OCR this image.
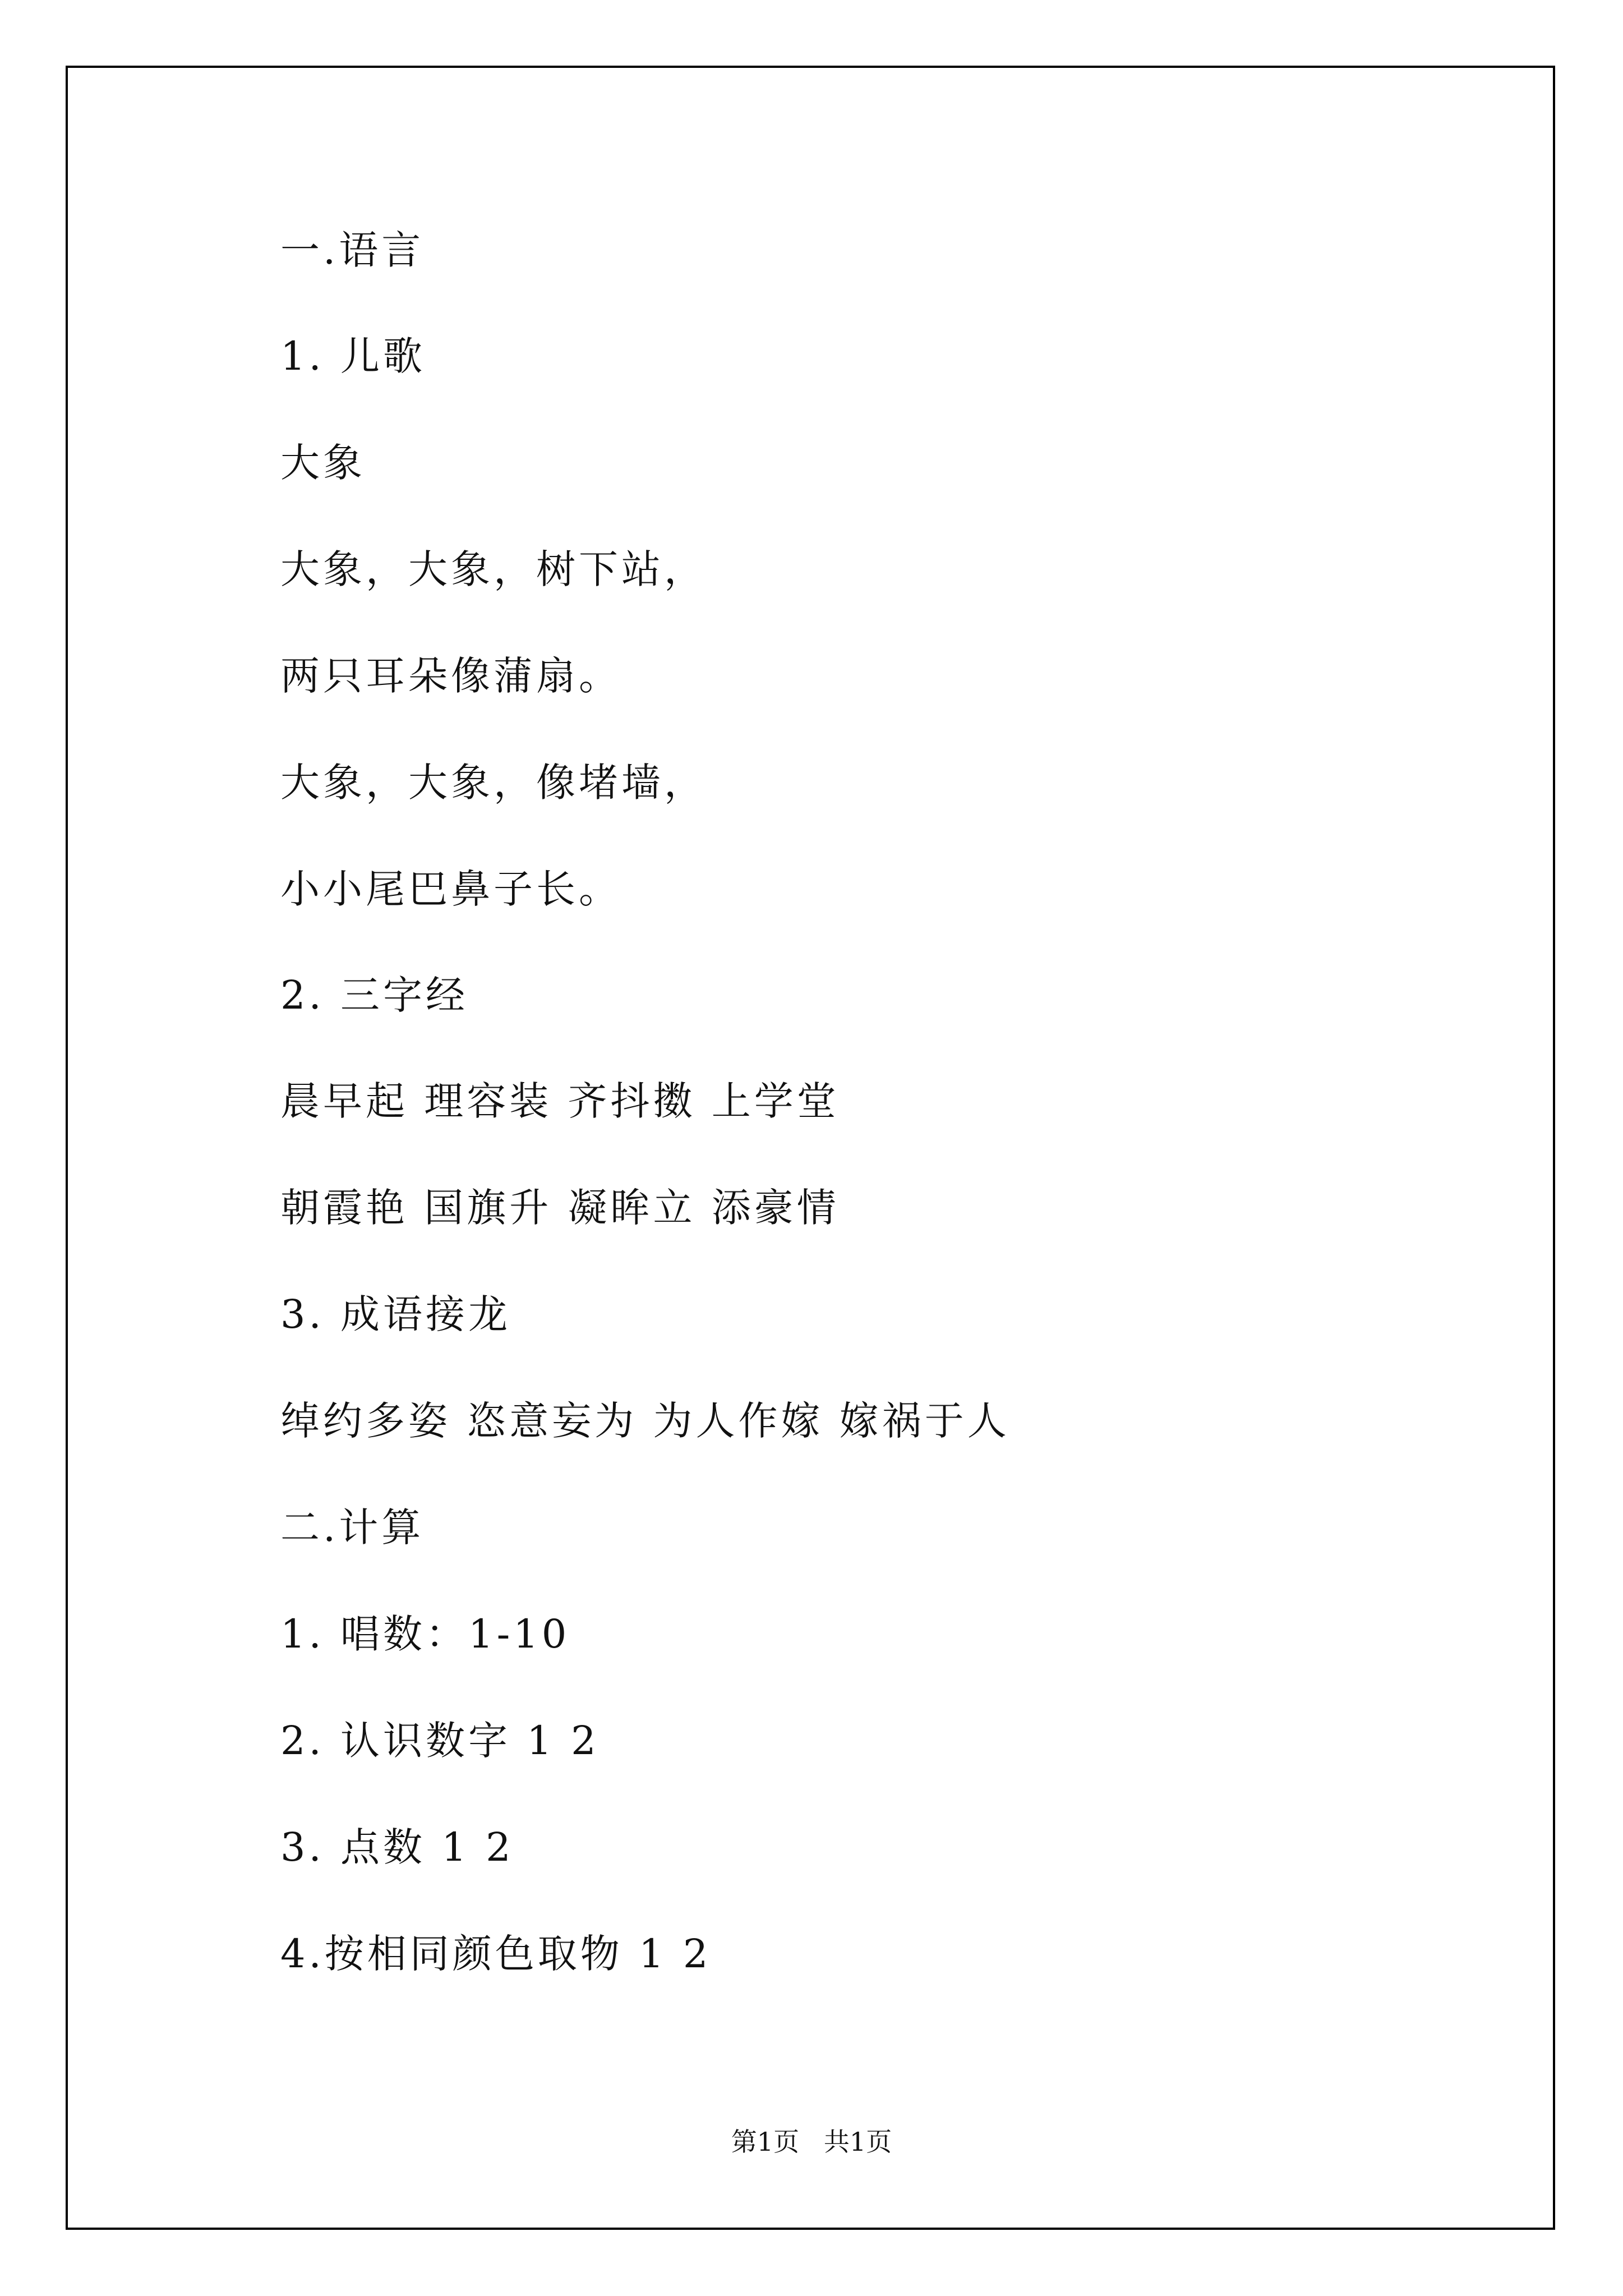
一.语言
1. 儿歌
大象
大象，大象，树下站，
两只耳朵像蒲扇。
大象，大象，像堵墙，
小小尾巴鼻子长。
2. 三字经
晨早起 理容装 齐抖擞 上学堂
朝霞艳 国旗升 凝眸立 添豪情
3. 成语接龙
绰约多姿 恣意妄为 为人作嫁 嫁祸于人
二.计算
1. 唱数：1-10
2. 认识数字 1 2
3. 点数 1 2
4.按相同颜色取物 1 2
第1页   共1页
